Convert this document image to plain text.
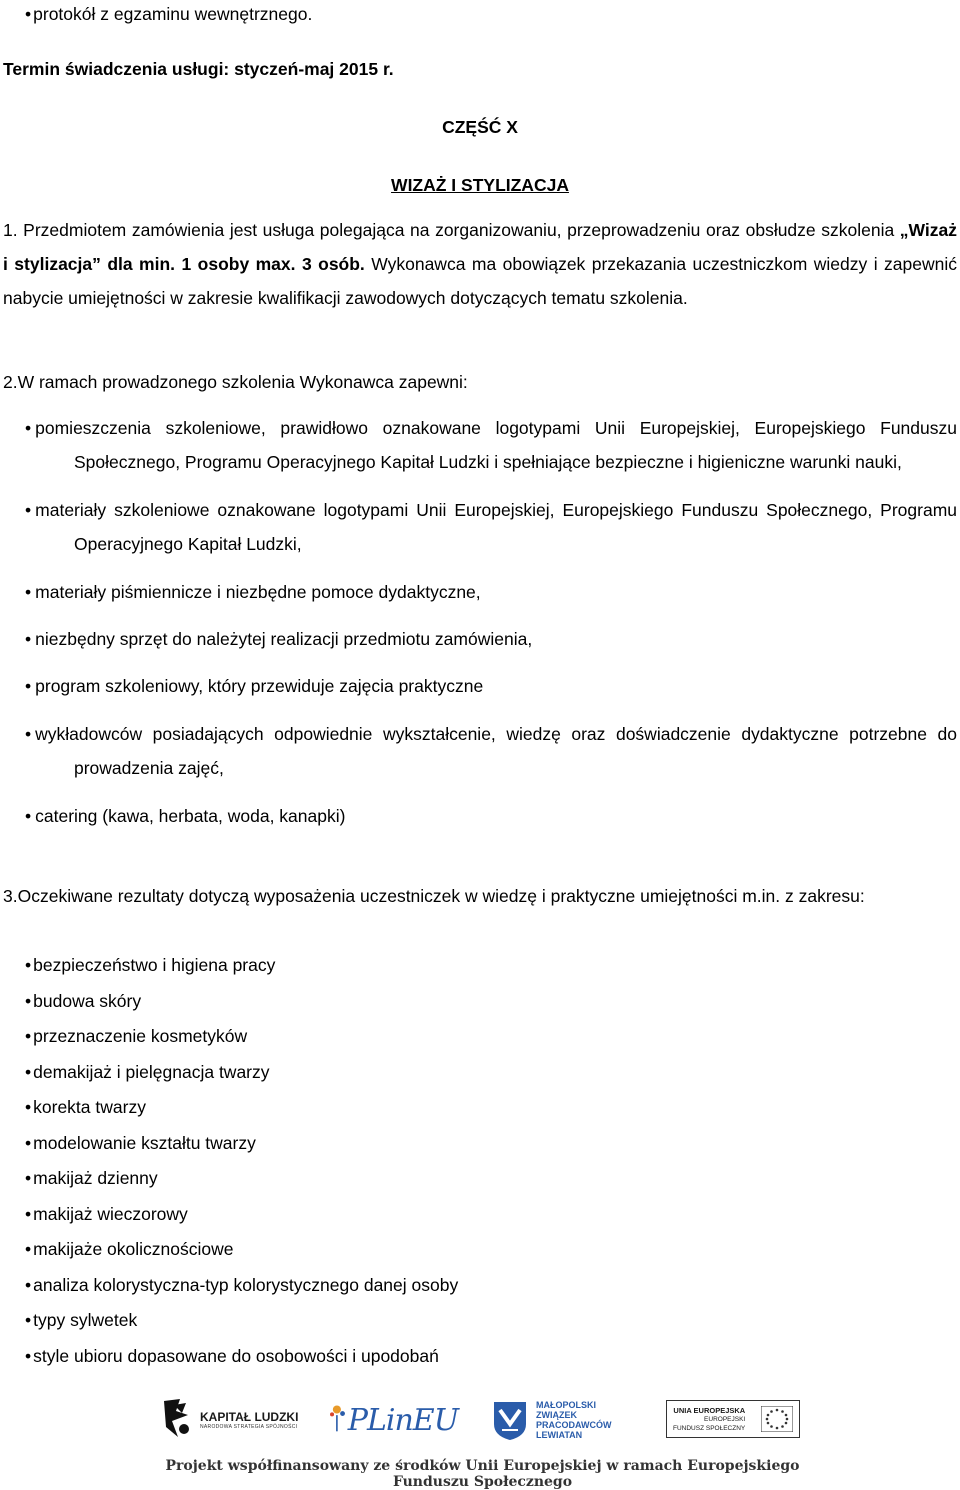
• protokół z egzaminu wewnętrznego.
Termin świadczenia usługi: styczeń-maj 2015 r.
CZĘŚĆ X
WIZAŻ I STYLIZACJA
1. Przedmiotem zamówienia jest usługa polegająca na zorganizowaniu, przeprowadzeniu oraz obsłudze szkolenia „Wizaż i stylizacja” dla min. 1 osoby max. 3 osób. Wykonawca ma obowiązek przekazania uczestniczkom wiedzy i zapewnić nabycie umiejętności w zakresie kwalifikacji zawodowych dotyczących tematu szkolenia.
2.W ramach prowadzonego szkolenia Wykonawca zapewni:
• pomieszczenia szkoleniowe, prawidłowo oznakowane logotypami Unii Europejskiej, Europejskiego Funduszu Społecznego, Programu Operacyjnego Kapitał Ludzki i spełniające bezpieczne i higieniczne warunki nauki,
• materiały szkoleniowe oznakowane logotypami Unii Europejskiej, Europejskiego Funduszu Społecznego, Programu Operacyjnego Kapitał Ludzki,
• materiały piśmiennicze i niezbędne pomoce dydaktyczne,
• niezbędny sprzęt do należytej realizacji przedmiotu zamówienia,
• program szkoleniowy, który przewiduje zajęcia praktyczne
• wykładowców posiadających odpowiednie wykształcenie, wiedzę oraz doświadczenie dydaktyczne potrzebne do prowadzenia zajęć,
• catering (kawa, herbata, woda, kanapki)
3.Oczekiwane rezultaty dotyczą wyposażenia uczestniczek w wiedzę i praktyczne umiejętności m.in. z zakresu:
• bezpieczeństwo i higiena pracy
• budowa skóry
• przeznaczenie kosmetyków
• demakijaż i pielęgnacja twarzy
• korekta twarzy
• modelowanie kształtu twarzy
• makijaż dzienny
• makijaż wieczorowy
• makijaże okolicznościowe
• analiza kolorystyczna-typ kolorystycznego danej osoby
• typy sylwetek
• style ubioru dopasowane do osobowości i upodobań
KAPITAŁ LUDZKI
NARODOWA STRATEGIA SPÓJNOŚCI PLinEU	MAŁOPOLSKI
ZWIĄZEK
PRACODAWCÓW
LEWIATAN
UNIA EUROPEJSKA
EUROPEJSKI
FUNDUSZ SPOŁECZNY
Projekt współfinansowany ze środków Unii Europejskiej w ramach Europejskiego Funduszu Społecznego
